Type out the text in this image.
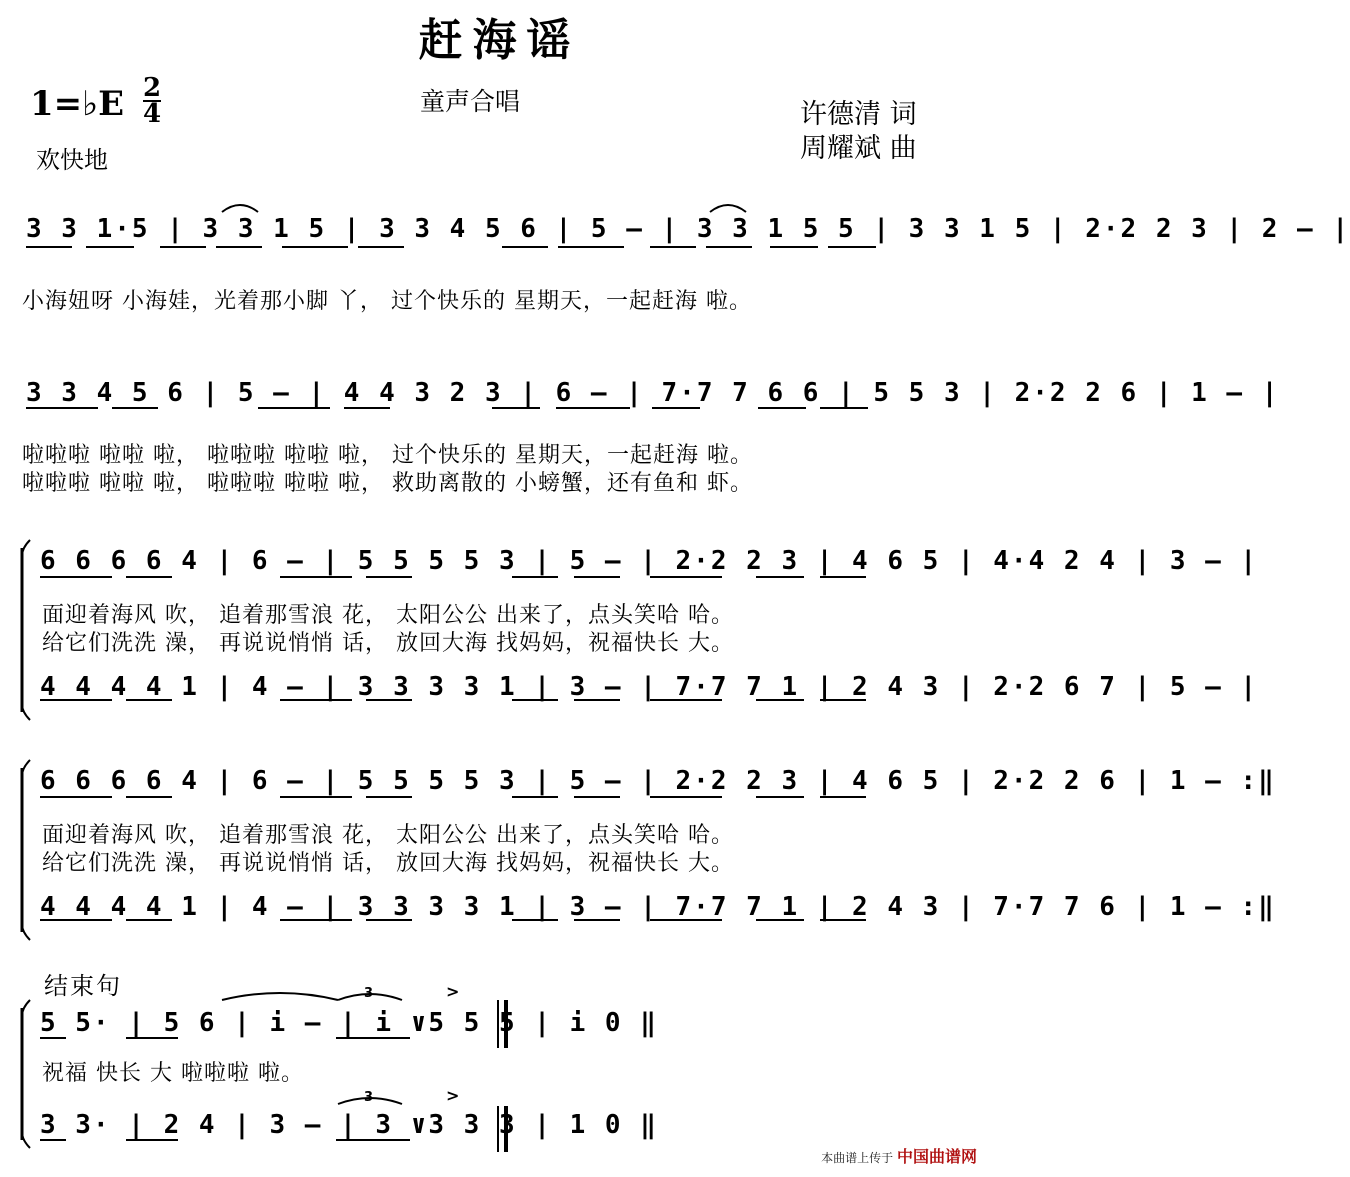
赶海谣
1=♭E 2
4	童声合唱
欢快地
许德清 词
周耀斌 曲
3 3 1·5 | 3 3 1 5 | 3 3 4 5 6 | 5 – | 3 3 1 5 5 | 3 3 1 5 | 2·2 2 3 | 2 – |
小海妞呀 小海娃，光着那小脚 丫， 过个快乐的 星期天，一起赶海 啦。
3 3 4 5 6 | 5 – | 4 4 3 2 3 | 6 – | 7·7 7 6 6 | 5 5 3 | 2·2 2 6 | 1 – |
啦啦啦 啦啦 啦， 啦啦啦 啦啦 啦， 过个快乐的 星期天，一起赶海 啦。
啦啦啦 啦啦 啦， 啦啦啦 啦啦 啦， 救助离散的 小螃蟹，还有鱼和 虾。
6 6 6 6 4 | 6 – | 5 5 5 5 3 | 5 – | 2·2 2 3 | 4 6 5 | 4·4 2 4 | 3 – |
面迎着海风 吹， 追着那雪浪 花， 太阳公公 出来了，点头笑哈 哈。
给它们洗洗 澡， 再说说悄悄 话， 放回大海 找妈妈，祝福快长 大。
4 4 4 4 1 | 4 – | 3 3 3 3 1 | 3 – | 7·7 7 1 | 2 4 3 | 2·2 6 7 | 5 – |
6 6 6 6 4 | 6 – | 5 5 5 5 3 | 5 – | 2·2 2 3 | 4 6 5 | 2·2 2 6 | 1 – :‖
面迎着海风 吹， 追着那雪浪 花， 太阳公公 出来了，点头笑哈 哈。
给它们洗洗 澡， 再说说悄悄 话， 放回大海 找妈妈，祝福快长 大。
4 4 4 4 1 | 4 – | 3 3 3 3 1 | 3 – | 7·7 7 1 | 2 4 3 | 7·7 7 6 | 1 – :‖
结束句
5 5· | 5 6 | i – | i ∨5 5 5 | i 0 ‖
祝福 快长 大 啦啦啦 啦。
3 3· | 2 4 | 3 – | 3 ∨3 3 3 | 1 0 ‖
3
3
>
>
本曲谱上传于 中国曲谱网
